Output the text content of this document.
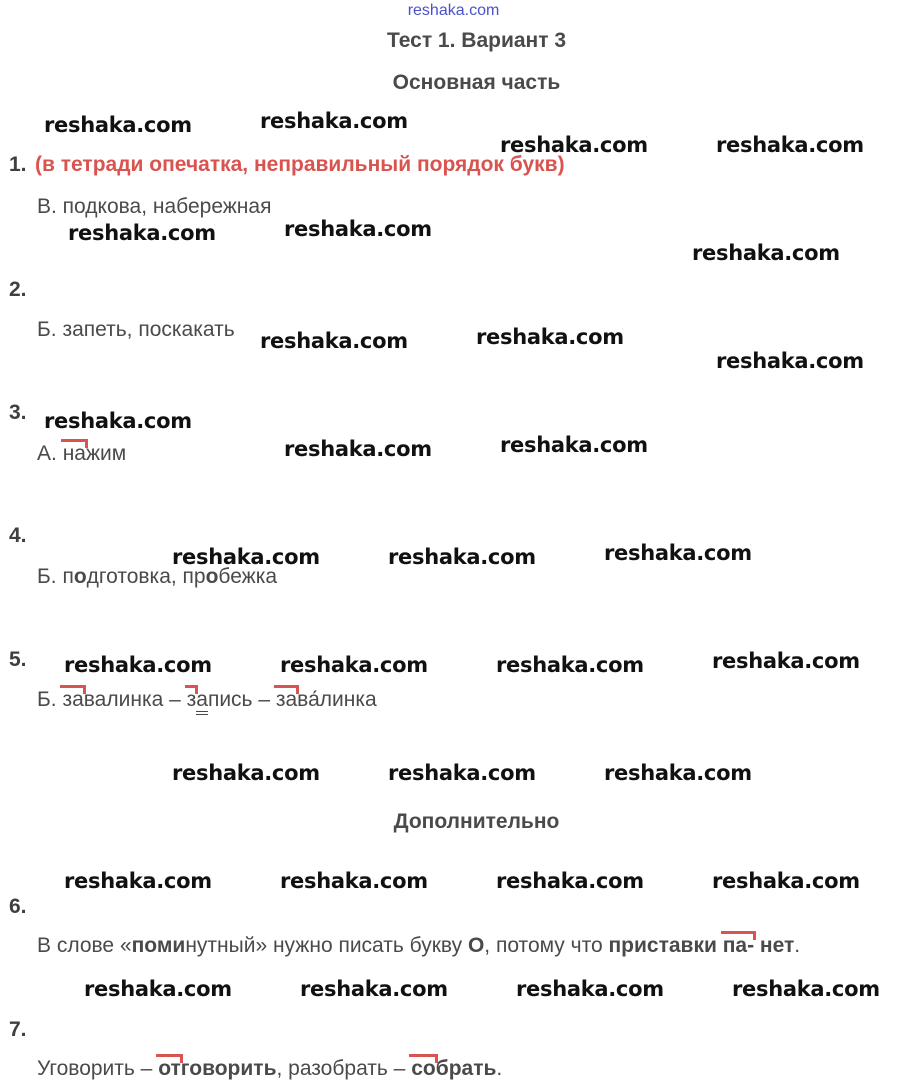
reshaka.com
Тест 1. Вариант 3
Основная часть
1. (в тетради опечатка, неправильный порядок букв)
В. подкова, набережная
2.
Б. запеть, поскакать
3.
А. нажим
4.
Б. подготовка, пробежка
5.
Б. завалинка – запись – зава́линка
Дополнительно
6.
В слове «поминутный» нужно писать букву О, потому что приставки па- нет.
7.
Уговорить – отговорить, разобрать – собрать.
reshaka.com	reshaka.com
reshaka.com	reshaka.com
reshaka.com	reshaka.com
reshaka.com
reshaka.com	reshaka.com
reshaka.com
reshaka.com
reshaka.com	reshaka.com
reshaka.com	reshaka.com	reshaka.com
reshaka.com	reshaka.com	reshaka.com	reshaka.com
reshaka.com	reshaka.com	reshaka.com
reshaka.com	reshaka.com	reshaka.com	reshaka.com
reshaka.com	reshaka.com	reshaka.com	reshaka.com
